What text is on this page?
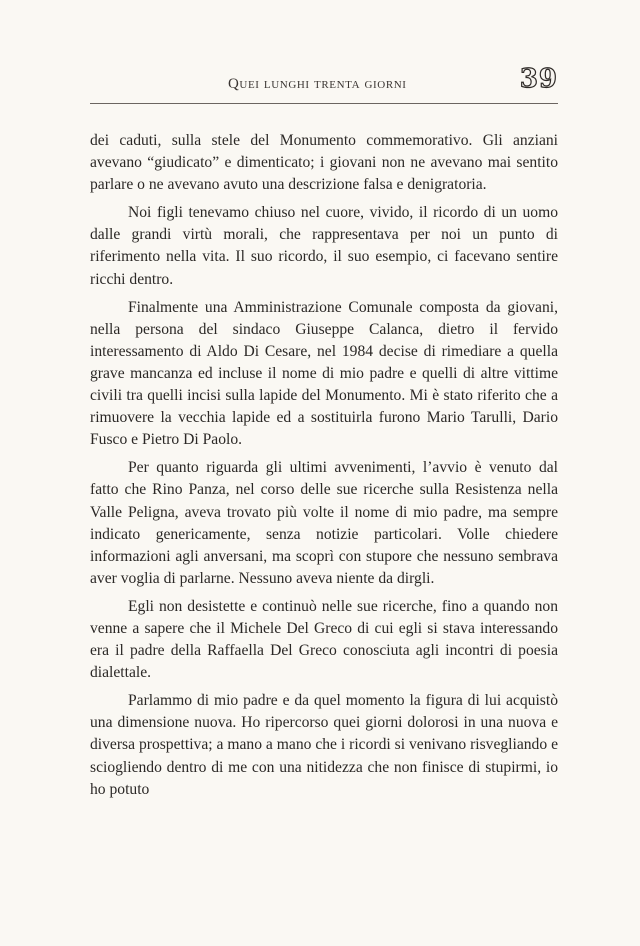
Quei lunghi trenta giorni	39

dei caduti, sulla stele del Monumento commemorativo. Gli anziani avevano “giudicato” e dimenticato; i giovani non ne avevano mai sentito parlare o ne avevano avuto una descrizione falsa e denigratoria.

Noi figli tenevamo chiuso nel cuore, vivido, il ricordo di un uomo dalle grandi virtù morali, che rappresentava per noi un punto di riferimento nella vita. Il suo ricordo, il suo esempio, ci facevano sentire ricchi dentro.

Finalmente una Amministrazione Comunale composta da giovani, nella persona del sindaco Giuseppe Calanca, dietro il fervido interessamento di Aldo Di Cesare, nel 1984 decise di rimediare a quella grave mancanza ed incluse il nome di mio padre e quelli di altre vittime civili tra quelli incisi sulla lapide del Monumento. Mi è stato riferito che a rimuovere la vecchia lapide ed a sostituirla furono Mario Tarulli, Dario Fusco e Pietro Di Paolo.

Per quanto riguarda gli ultimi avvenimenti, l’avvio è venuto dal fatto che Rino Panza, nel corso delle sue ricerche sulla Resistenza nella Valle Peligna, aveva trovato più volte il nome di mio padre, ma sempre indicato genericamente, senza notizie particolari. Volle chiedere informazioni agli anversani, ma scoprì con stupore che nessuno sembrava aver voglia di parlarne. Nessuno aveva niente da dirgli.

Egli non desistette e continuò nelle sue ricerche, fino a quando non venne a sapere che il Michele Del Greco di cui egli si stava interessando era il padre della Raffaella Del Greco conosciuta agli incontri di poesia dialettale.

Parlammo di mio padre e da quel momento la figura di lui acquistò una dimensione nuova. Ho ripercorso quei giorni dolorosi in una nuova e diversa prospettiva; a mano a mano che i ricordi si venivano risvegliando e sciogliendo dentro di me con una nitidezza che non finisce di stupirmi, io ho potuto
